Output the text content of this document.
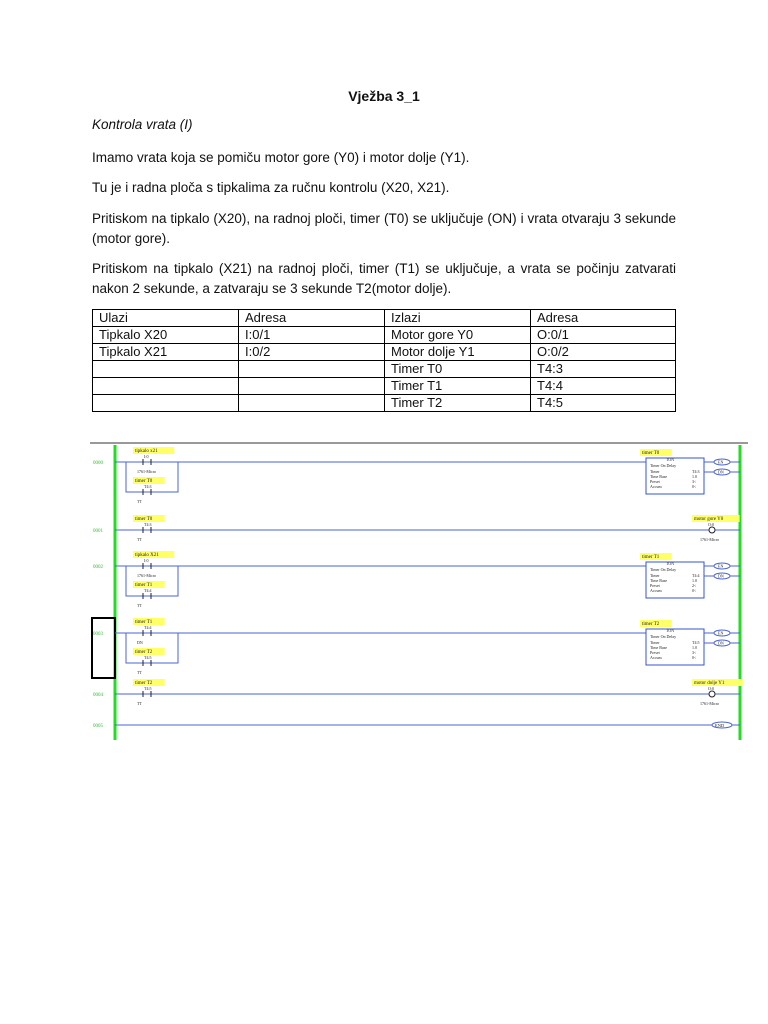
Vježba 3_1
Kontrola vrata (I)
Imamo vrata koja se pomiču motor gore (Y0) i motor dolje (Y1).
Tu je i radna ploča s tipkalima za ručnu kontrolu (X20, X21).
Pritiskom na tipkalo (X20), na radnoj ploči, timer (T0) se uključuje (ON) i vrata otvaraju 3 sekunde (motor gore).
Pritiskom na tipkalo (X21) na radnoj ploči, timer (T1) se uključuje, a vrata se počinju zatvarati nakon 2 sekunde, a zatvaraju se 3 sekunde T2(motor dolje).
Ulazi	Adresa	Izlazi	Adresa
Tipkalo X20	I:0/1	Motor gore Y0	O:0/1
Tipkalo X21	I:0/2	Motor dolje Y1	O:0/2
		Timer T0	T4:3
		Timer T1	T4:4
		Timer T2	T4:5
0000
tipkalo x21
I:0
1761-Micro
timer T0
T4:3
TT
timer T0
TON
Timer On Delay
Timer	T4:3
Time Base	1.0
Preset	3<
Accum	0<
EN
DN
0001
timer T0
T4:3
TT
motor gore Y0
O:0
1761-Micro
0002
tipkalo X21
I:0
1761-Micro
timer T1
T4:4
TT
timer T1
TON
Timer On Delay
Timer	T4:4
Time Base	1.0
Preset	2<
Accum	0<
EN
DN
0003
timer T1
T4:4
DN
timer T2
T4:5
TT
timer T2
TON
Timer On Delay
Timer	T4:5
Time Base	1.0
Preset	3<
Accum	0<
EN
DN
0004
timer T2
T4:5
TT
motor dolje Y1
O:0
1761-Micro
0005	END
